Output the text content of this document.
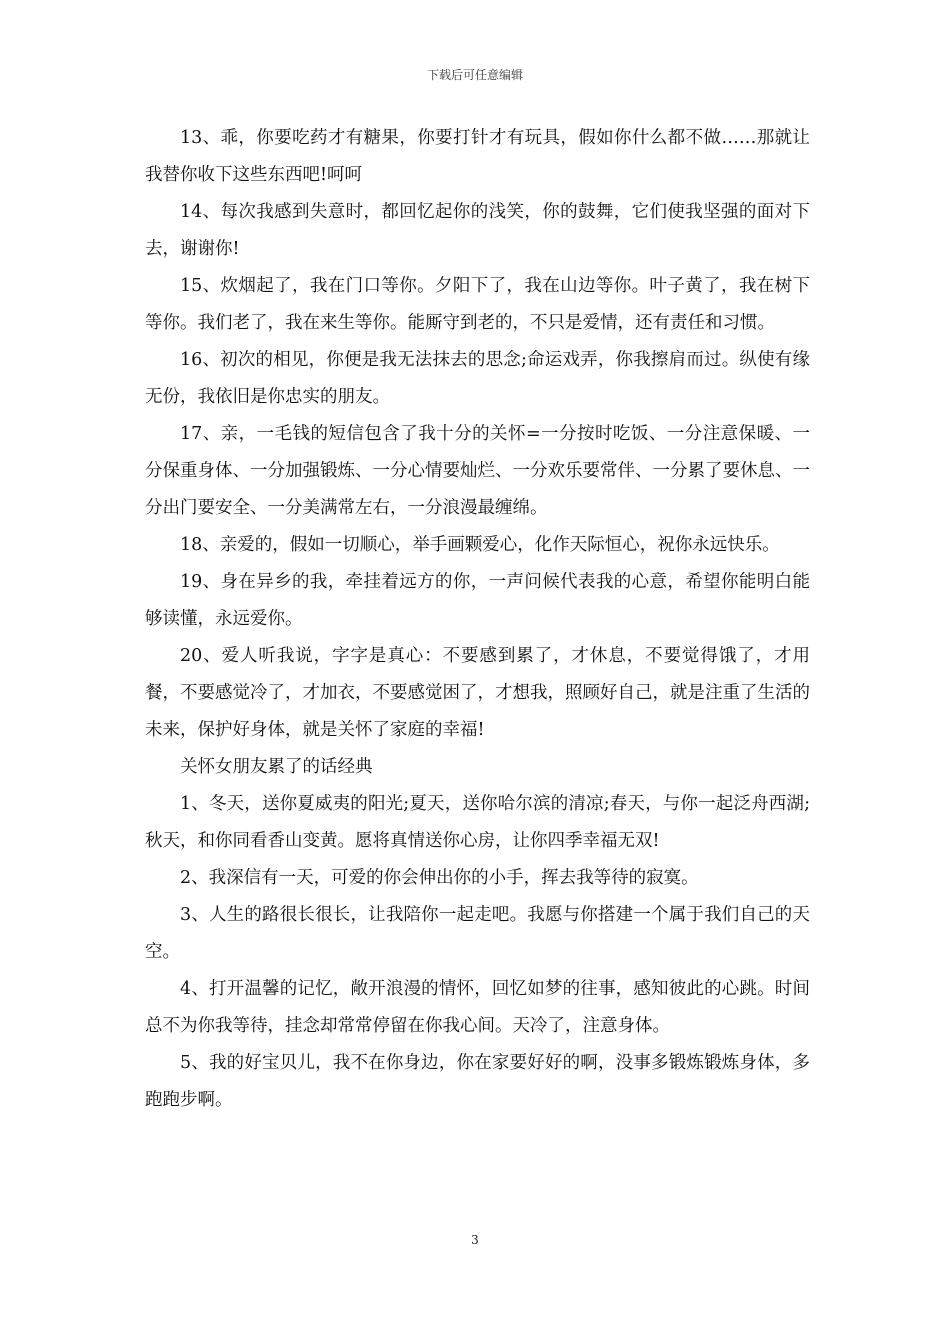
下载后可任意编辑

13、乖，你要吃药才有糖果，你要打针才有玩具，假如你什么都不做……那就让我替你收下这些东西吧!呵呵

14、每次我感到失意时，都回忆起你的浅笑，你的鼓舞，它们使我坚强的面对下去，谢谢你!

15、炊烟起了，我在门口等你。夕阳下了，我在山边等你。叶子黄了，我在树下等你。我们老了，我在来生等你。能厮守到老的，不只是爱情，还有责任和习惯。

16、初次的相见，你便是我无法抹去的思念;命运戏弄，你我擦肩而过。纵使有缘无份，我依旧是你忠实的朋友。

17、亲，一毛钱的短信包含了我十分的关怀=一分按时吃饭、一分注意保暖、一分保重身体、一分加强锻炼、一分心情要灿烂、一分欢乐要常伴、一分累了要休息、一分出门要安全、一分美满常左右，一分浪漫最缠绵。

18、亲爱的，假如一切顺心，举手画颗爱心，化作天际恒心，祝你永远快乐。

19、身在异乡的我，牵挂着远方的你，一声问候代表我的心意，希望你能明白能够读懂，永远爱你。

20、爱人听我说，字字是真心：不要感到累了，才休息，不要觉得饿了，才用餐，不要感觉冷了，才加衣，不要感觉困了，才想我，照顾好自己，就是注重了生活的未来，保护好身体，就是关怀了家庭的幸福!

关怀女朋友累了的话经典

1、冬天，送你夏威夷的阳光;夏天，送你哈尔滨的清凉;春天，与你一起泛舟西湖;秋天，和你同看香山变黄。愿将真情送你心房，让你四季幸福无双!

2、我深信有一天，可爱的你会伸出你的小手，挥去我等待的寂寞。

3、人生的路很长很长，让我陪你一起走吧。我愿与你搭建一个属于我们自己的天空。

4、打开温馨的记忆，敞开浪漫的情怀，回忆如梦的往事，感知彼此的心跳。时间总不为你我等待，挂念却常常停留在你我心间。天冷了，注意身体。

5、我的好宝贝儿，我不在你身边，你在家要好好的啊，没事多锻炼锻炼身体，多跑跑步啊。

3
